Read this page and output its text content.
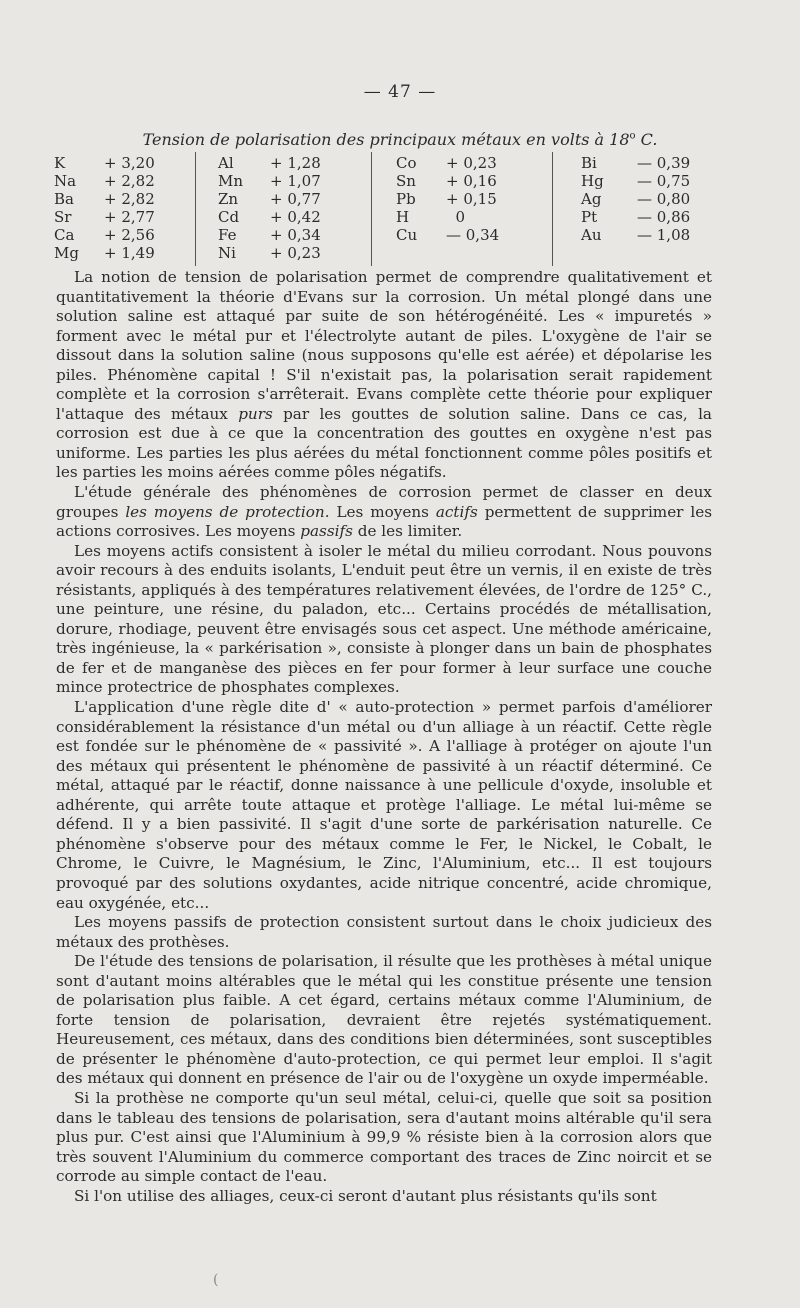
— 47 —
Tension de polarisation des principaux métaux en volts à 18$^o$ C.
K	+ 3,20
Na	+ 2,82
Ba	+ 2,82
Sr	+ 2,77
Ca	+ 2,56
Mg	+ 1,49
Al	+ 1,28
Mn	+ 1,07
Zn	+ 0,77
Cd	+ 0,42
Fe	+ 0,34
Ni	+ 0,23
Co	+ 0,23
Sn	+ 0,16
Pb	+ 0,15
H	0
Cu	— 0,34
Bi	— 0,39
Hg	— 0,75
Ag	— 0,80
Pt	— 0,86
Au	— 1,08

La notion de tension de polarisation permet de comprendre qualitativement et quantitativement la théorie d'Evans sur la corrosion. Un métal plongé dans une solution saline est attaqué par suite de son hétérogénéité. Les « impuretés » forment avec le métal pur et l'électrolyte autant de piles. L'oxygène de l'air se dissout dans la solution saline (nous supposons qu'elle est aérée) et dépolarise les piles. Phénomène capital ! S'il n'existait pas, la polarisation serait rapidement complète et la corrosion s'arrêterait. Evans complète cette théorie pour expliquer l'attaque des métaux purs par les gouttes de solution saline. Dans ce cas, la corrosion est due à ce que la concentration des gouttes en oxygène n'est pas uniforme. Les parties les plus aérées du métal fonctionnent comme pôles positifs et les parties les moins aérées comme pôles négatifs.

L'étude générale des phénomènes de corrosion permet de classer en deux groupes les moyens de protection. Les moyens actifs permettent de supprimer les actions corrosives. Les moyens passifs de les limiter.

Les moyens actifs consistent à isoler le métal du milieu corrodant. Nous pouvons avoir recours à des enduits isolants, L'enduit peut être un vernis, il en existe de très résistants, appliqués à des températures relativement élevées, de l'ordre de 125° C., une peinture, une résine, du paladon, etc... Certains procédés de métallisation, dorure, rhodiage, peuvent être envisagés sous cet aspect. Une méthode américaine, très ingénieuse, la « parkérisation », consiste à plonger dans un bain de phosphates de fer et de manganèse des pièces en fer pour former à leur surface une couche mince protectrice de phosphates complexes.

L'application d'une règle dite d' « auto-protection » permet parfois d'améliorer considérablement la résistance d'un métal ou d'un alliage à un réactif. Cette règle est fondée sur le phénomène de « passivité ». A l'alliage à protéger on ajoute l'un des métaux qui présentent le phénomène de passivité à un réactif déterminé. Ce métal, attaqué par le réactif, donne naissance à une pellicule d'oxyde, insoluble et adhérente, qui arrête toute attaque et protège l'alliage. Le métal lui-même se défend. Il y a bien passivité. Il s'agit d'une sorte de parkérisation naturelle. Ce phénomène s'observe pour des métaux comme le Fer, le Nickel, le Cobalt, le Chrome, le Cuivre, le Magnésium, le Zinc, l'Aluminium, etc... Il est toujours provoqué par des solutions oxydantes, acide nitrique concentré, acide chromique, eau oxygénée, etc...

Les moyens passifs de protection consistent surtout dans le choix judicieux des métaux des prothèses.

De l'étude des tensions de polarisation, il résulte que les prothèses à métal unique sont d'autant moins altérables que le métal qui les constitue présente une tension de polarisation plus faible. A cet égard, certains métaux comme l'Aluminium, de forte tension de polarisation, devraient être rejetés systématiquement. Heureusement, ces métaux, dans des conditions bien déterminées, sont susceptibles de présenter le phénomène d'auto-protection, ce qui permet leur emploi. Il s'agit des métaux qui donnent en présence de l'air ou de l'oxygène un oxyde imperméable.

Si la prothèse ne comporte qu'un seul métal, celui-ci, quelle que soit sa position dans le tableau des tensions de polarisation, sera d'autant moins altérable qu'il sera plus pur. C'est ainsi que l'Aluminium à 99,9 % résiste bien à la corrosion alors que très souvent l'Aluminium du commerce comportant des traces de Zinc noircit et se corrode au simple contact de l'eau.

Si l'on utilise des alliages, ceux-ci seront d'autant plus résistants qu'ils sont

(
